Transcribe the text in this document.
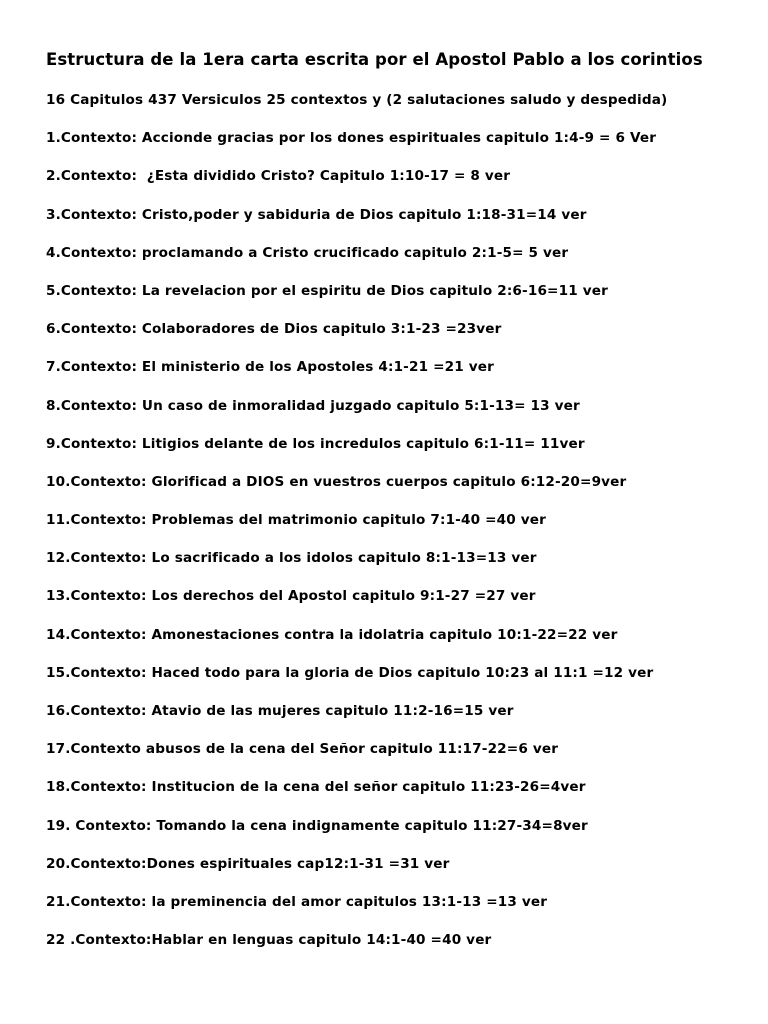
Estructura de la 1era carta escrita por el Apostol Pablo a los corintios
16 Capitulos 437 Versiculos 25 contextos y (2 salutaciones saludo y despedida)
1.Contexto: Accionde gracias por los dones espirituales capitulo 1:4-9 = 6 Ver
2.Contexto:  ¿Esta dividido Cristo? Capitulo 1:10-17 = 8 ver
3.Contexto: Cristo,poder y sabiduria de Dios capitulo 1:18-31=14 ver
4.Contexto: proclamando a Cristo crucificado capitulo 2:1-5= 5 ver
5.Contexto: La revelacion por el espiritu de Dios capitulo 2:6-16=11 ver
6.Contexto: Colaboradores de Dios capitulo 3:1-23 =23ver
7.Contexto: El ministerio de los Apostoles 4:1-21 =21 ver
8.Contexto: Un caso de inmoralidad juzgado capitulo 5:1-13= 13 ver
9.Contexto: Litigios delante de los incredulos capitulo 6:1-11= 11ver
10.Contexto: Glorificad a DIOS en vuestros cuerpos capitulo 6:12-20=9ver
11.Contexto: Problemas del matrimonio capitulo 7:1-40 =40 ver
12.Contexto: Lo sacrificado a los idolos capitulo 8:1-13=13 ver
13.Contexto: Los derechos del Apostol capitulo 9:1-27 =27 ver
14.Contexto: Amonestaciones contra la idolatria capitulo 10:1-22=22 ver
15.Contexto: Haced todo para la gloria de Dios capitulo 10:23 al 11:1 =12 ver
16.Contexto: Atavio de las mujeres capitulo 11:2-16=15 ver
17.Contexto abusos de la cena del Señor capitulo 11:17-22=6 ver
18.Contexto: Institucion de la cena del señor capitulo 11:23-26=4ver
19. Contexto: Tomando la cena indignamente capitulo 11:27-34=8ver
20.Contexto:Dones espirituales cap12:1-31 =31 ver
21.Contexto: la preminencia del amor capitulos 13:1-13 =13 ver
22 .Contexto:Hablar en lenguas capitulo 14:1-40 =40 ver
